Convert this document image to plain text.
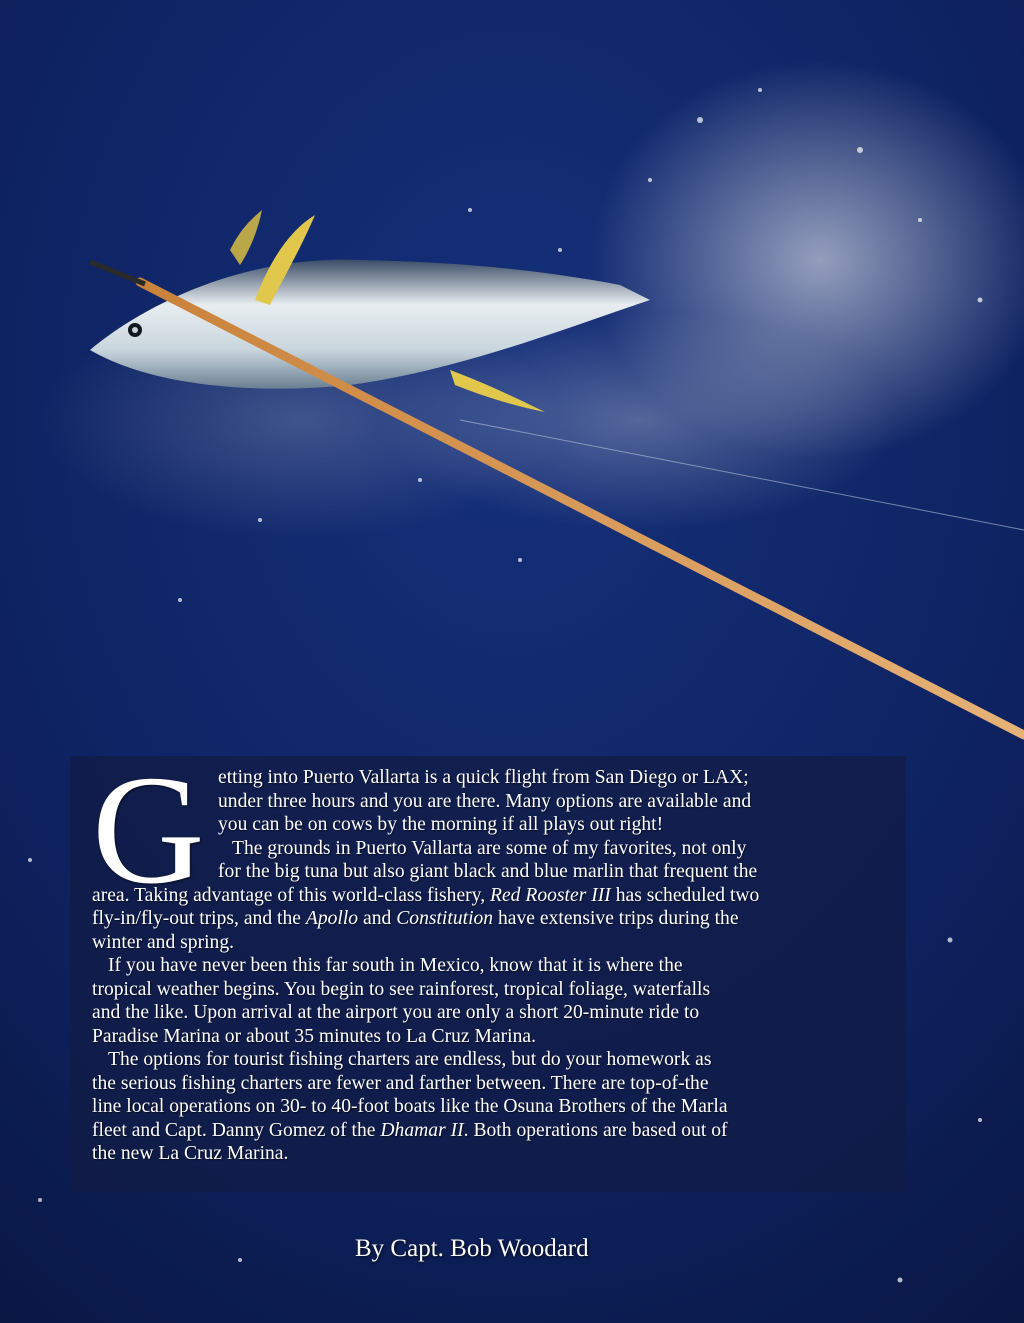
G etting into Puerto Vallarta is a quick flight from San Diego or LAX;
under three hours and you are there. Many options are available and
you can be on cows by the morning if all plays out right!
The grounds in Puerto Vallarta are some of my favorites, not only
for the big tuna but also giant black and blue marlin that frequent the
area. Taking advantage of this world-class fishery, Red Rooster III has scheduled two
fly-in/fly-out trips, and the Apollo and Constitution have extensive trips during the
winter and spring.
If you have never been this far south in Mexico, know that it is where the
tropical weather begins. You begin to see rainforest, tropical foliage, waterfalls
and the like. Upon arrival at the airport you are only a short 20-minute ride to
Paradise Marina or about 35 minutes to La Cruz Marina.
The options for tourist fishing charters are endless, but do your homework as
the serious fishing charters are fewer and farther between. There are top-of-the
line local operations on 30- to 40-foot boats like the Osuna Brothers of the Marla
fleet and Capt. Danny Gomez of the Dhamar II. Both operations are based out of
the new La Cruz Marina.
By Capt. Bob Woodard
